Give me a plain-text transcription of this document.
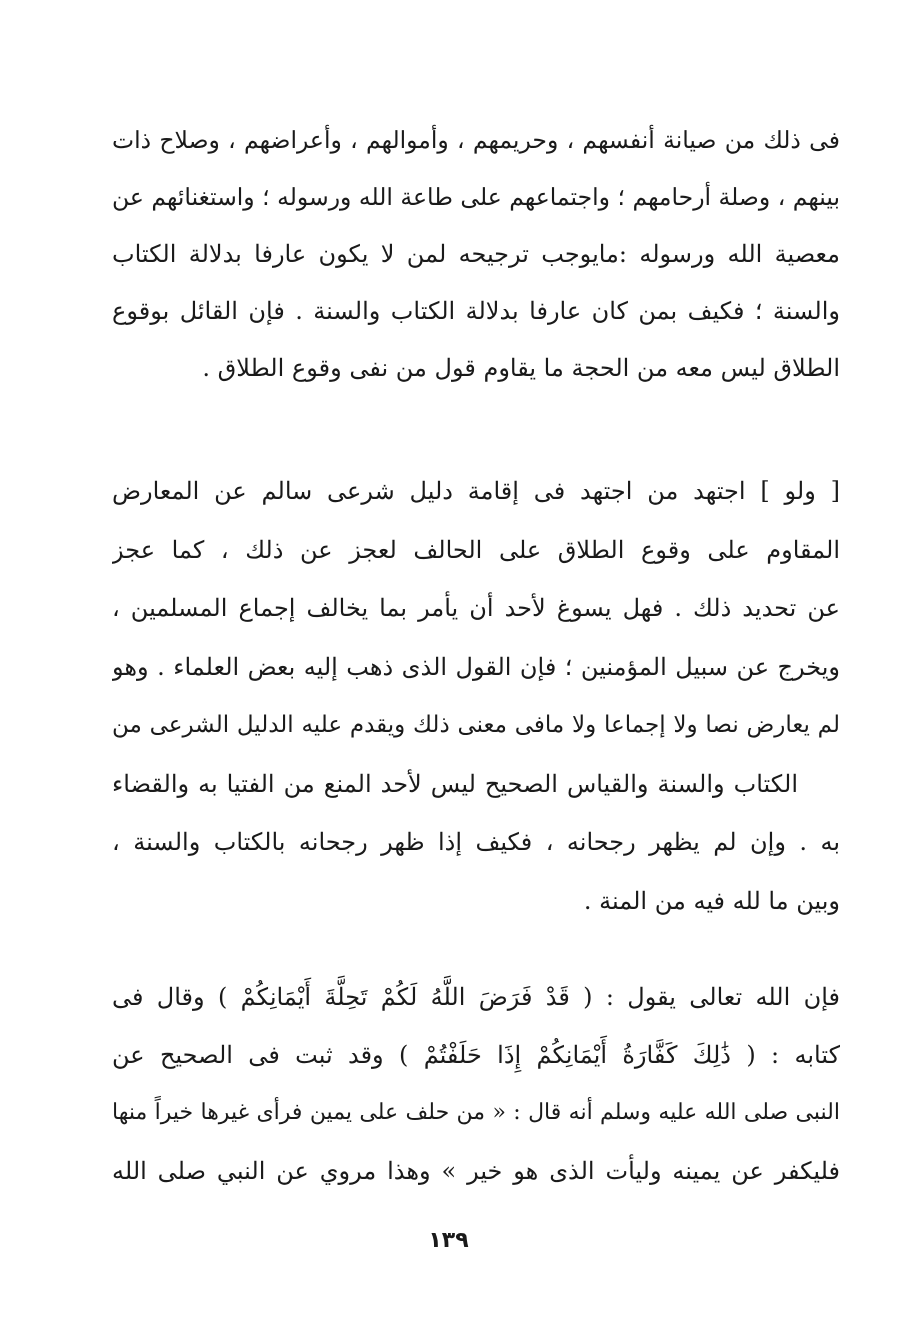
فى ذلك من صيانة أنفسهم ، وحريمهم ، وأموالهم ، وأعراضهم ، وصلاح ذات
بينهم ، وصلة أرحامهم ؛ واجتماعهم على طاعة الله ورسوله ؛ واستغنائهم عن
معصية الله ورسوله :مايوجب ترجيحه لمن لا يكون عارفا بدلالة الكتاب
والسنة ؛ فكيف بمن كان عارفا بدلالة الكتاب والسنة . فإن القائل بوقوع
الطلاق ليس معه من الحجة ما يقاوم قول من نفى وقوع الطلاق .
[ ولو ] اجتهد من اجتهد فى إقامة دليل شرعى سالم عن المعارض
المقاوم على وقوع الطلاق على الحالف لعجز عن ذلك ، كما عجز
عن تحديد ذلك . فهل يسوغ لأحد أن يأمر بما يخالف إجماع المسلمين ،
ويخرج عن سبيل المؤمنين ؛ فإن القول الذى ذهب إليه بعض العلماء . وهو
لم يعارض نصا ولا إجماعا ولا مافى معنى ذلك ويقدم عليه الدليل الشرعى من
الكتاب والسنة والقياس الصحيح ليس لأحد المنع من الفتيا به والقضاء
به . وإن لم يظهر رجحانه ، فكيف إذا ظهر رجحانه بالكتاب والسنة ،
وبين ما لله فيه من المنة .
فإن الله تعالى يقول : ( قَدْ فَرَضَ اللَّهُ لَكُمْ تَحِلَّةَ أَيْمَانِكُمْ ) وقال فى
كتابه : ( ذَٰلِكَ كَفَّارَةُ أَيْمَانِكُمْ إِذَا حَلَفْتُمْ ) وقد ثبت فى الصحيح عن
النبى صلى الله عليه وسلم أنه قال : « من حلف على يمين فرأى غيرها خيراً منها
فليكفر عن يمينه وليأت الذى هو خير » وهذا مروي عن النبي صلى الله
١٣٩
